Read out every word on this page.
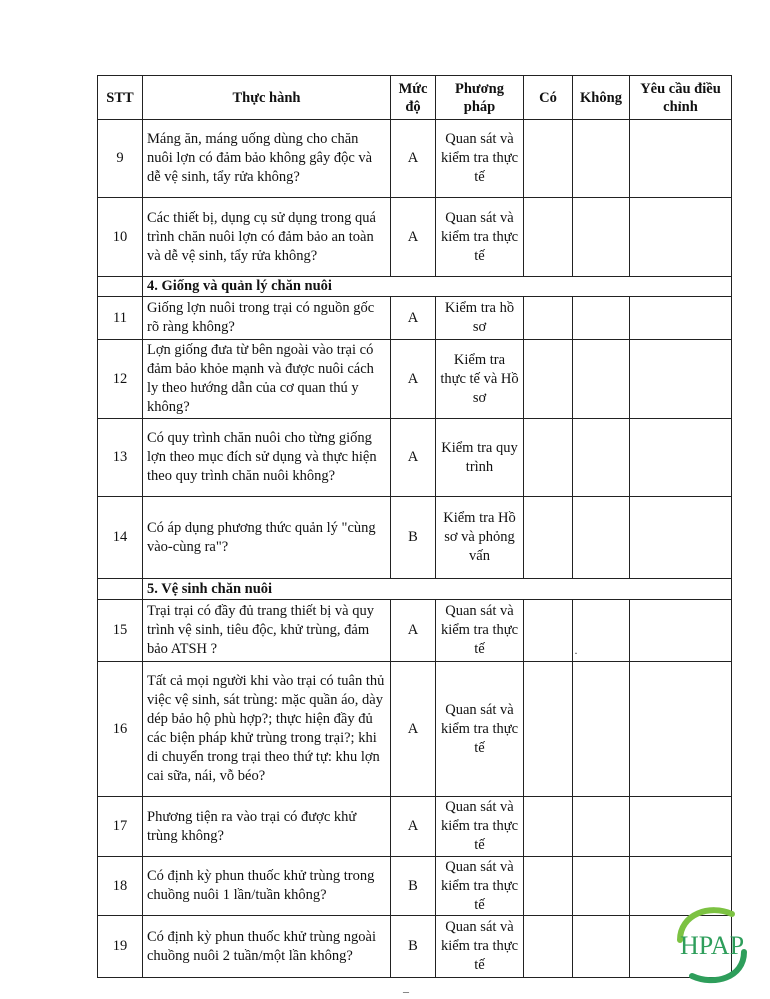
STT	Thực hành	Mức độ	Phương pháp	Có	Không	Yêu cầu điều chỉnh
9	Máng ăn, máng uống dùng cho chăn nuôi lợn có đảm bảo không gây độc và dễ vệ sinh, tẩy rửa không?	A	Quan sát và kiểm tra thực tế			
10	Các thiết bị, dụng cụ sử dụng trong quá trình chăn nuôi lợn có đảm bảo an toàn và dễ vệ sinh, tẩy rửa không?	A	Quan sát và kiểm tra thực tế			
	4. Giống và quản lý chăn nuôi					
11	Giống lợn nuôi trong trại có nguồn gốc rõ ràng không?	A	Kiểm tra hồ sơ			
12	Lợn giống đưa từ bên ngoài vào trại có đảm bảo khỏe mạnh và được nuôi cách ly theo hướng dẫn của cơ quan thú y không?	A	Kiểm tra thực tế và Hồ sơ			
13	Có quy trình chăn nuôi cho từng giống lợn theo mục đích sử dụng và thực hiện theo quy trình chăn nuôi không?	A	Kiểm tra quy trình			
14	Có áp dụng phương thức quản lý "cùng vào-cùng ra"?	B	Kiểm tra Hồ sơ và phỏng vấn			
	5. Vệ sinh chăn nuôi					
15	Trại trại có đầy đủ trang thiết bị và quy trình vệ sinh, tiêu độc, khử trùng, đảm bảo ATSH ?	A	Quan sát và kiểm tra thực tế			
16	Tất cả mọi người khi vào trại có tuân thủ việc vệ sinh, sát trùng: mặc quần áo, dày dép bảo hộ phù hợp?; thực hiện đầy đủ các biện pháp khử trùng trong trại?; khi di chuyển trong trại theo thứ tự: khu lợn cai sữa, nái, vỗ béo?	A	Quan sát và kiểm tra thực tế			
17	Phương tiện ra vào trại có được khử trùng không?	A	Quan sát và kiểm tra thực tế			
18	Có định kỳ phun thuốc khử trùng trong chuồng nuôi 1 lần/tuần không?	B	Quan sát và kiểm tra thực tế			
19	Có định kỳ phun thuốc khử trùng ngoài chuồng nuôi 2 tuần/một lần không?	B	Quan sát và kiểm tra thực tế			
·
–
HPAP
